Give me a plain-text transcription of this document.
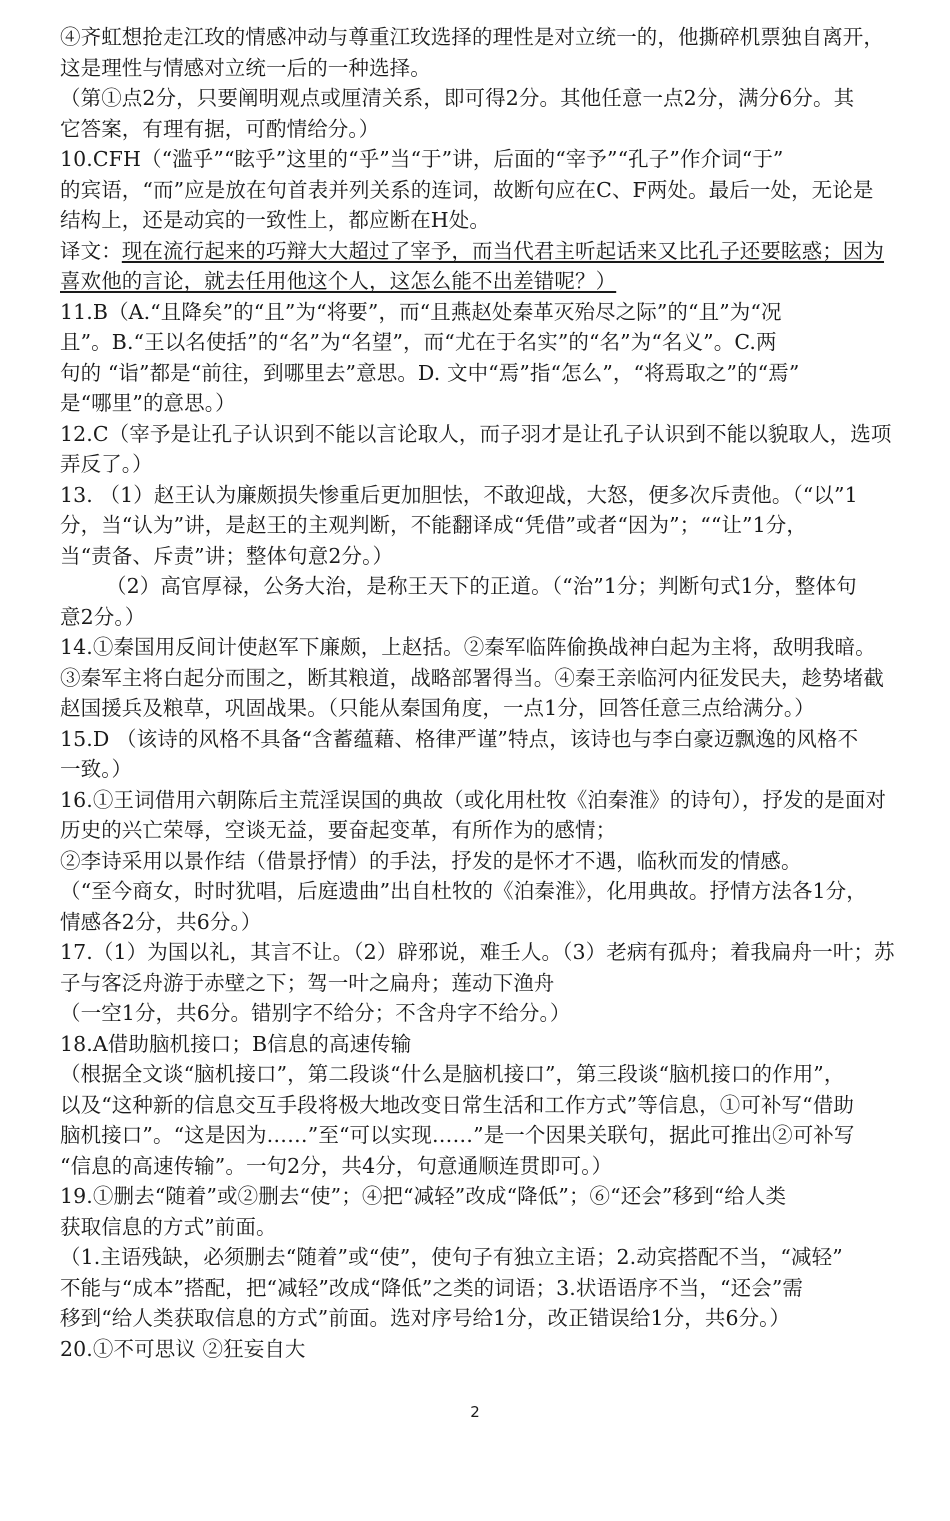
④齐虹想抢走江玫的情感冲动与尊重江玫选择的理性是对立统一的，他撕碎机票独自离开，
这是理性与情感对立统一后的一种选择。
（第①点2分，只要阐明观点或厘清关系，即可得2分。其他任意一点2分，满分6分。其
它答案，有理有据，可酌情给分。）
10.CFH（“滥乎”“眩乎”这里的“乎”当“于”讲，后面的“宰予”“孔子”作介词“于”
的宾语，“而”应是放在句首表并列关系的连词，故断句应在C、F两处。最后一处，无论是
结构上，还是动宾的一致性上，都应断在H处。
译文：现在流行起来的巧辩大大超过了宰予，而当代君主听起话来又比孔子还要眩惑；因为
喜欢他的言论，就去任用他这个人，这怎么能不出差错呢？）
11.B（A.“且降矣”的“且”为“将要”，而“且燕赵处秦革灭殆尽之际”的“且”为“况
且”。B.“王以名使括”的“名”为“名望”，而“尤在于名实”的“名”为“名义”。C.两
句的 “诣”都是“前往，到哪里去”意思。D. 文中“焉”指“怎么”，“将焉取之”的“焉”
是“哪里”的意思。）
12.C（宰予是让孔子认识到不能以言论取人，而子羽才是让孔子认识到不能以貌取人，选项
弄反了。）
13. （1）赵王认为廉颇损失惨重后更加胆怯，不敢迎战，大怒，便多次斥责他。（“以”1
分，当“认为”讲，是赵王的主观判断，不能翻译成“凭借”或者“因为”；““让”1分，
当“责备、斥责”讲；整体句意2分。）
（2）高官厚禄，公务大治，是称王天下的正道。（“治”1分；判断句式1分，整体句
意2分。）
14.①秦国用反间计使赵军下廉颇，上赵括。②秦军临阵偷换战神白起为主将，敌明我暗。
③秦军主将白起分而围之，断其粮道，战略部署得当。④秦王亲临河内征发民夫，趁势堵截
赵国援兵及粮草，巩固战果。（只能从秦国角度，一点1分，回答任意三点给满分。）
15.D （该诗的风格不具备“含蓄蕴藉、格律严谨”特点，该诗也与李白豪迈飘逸的风格不
一致。）
16.①王词借用六朝陈后主荒淫误国的典故（或化用杜牧《泊秦淮》的诗句），抒发的是面对
历史的兴亡荣辱，空谈无益，要奋起变革，有所作为的感情；
②李诗采用以景作结（借景抒情）的手法，抒发的是怀才不遇，临秋而发的情感。
（“至今商女，时时犹唱，后庭遗曲”出自杜牧的《泊秦淮》，化用典故。抒情方法各1分，
情感各2分，共6分。）
17.（1）为国以礼，其言不让。（2）辟邪说，难壬人。（3）老病有孤舟；着我扁舟一叶；苏
子与客泛舟游于赤壁之下；驾一叶之扁舟；莲动下渔舟
（一空1分，共6分。错别字不给分；不含舟字不给分。）
18.A借助脑机接口；B信息的高速传输
（根据全文谈“脑机接口”，第二段谈“什么是脑机接口”，第三段谈“脑机接口的作用”，
以及“这种新的信息交互手段将极大地改变日常生活和工作方式”等信息，①可补写“借助
脑机接口”。“这是因为……”至“可以实现……”是一个因果关联句，据此可推出②可补写
“信息的高速传输”。一句2分，共4分，句意通顺连贯即可。）
19.①删去“随着”或②删去“使”；④把“减轻”改成“降低”；⑥“还会”移到“给人类
获取信息的方式”前面。
（1.主语残缺，必须删去“随着”或“使”，使句子有独立主语；2.动宾搭配不当，“减轻”
不能与“成本”搭配，把“减轻”改成“降低”之类的词语；3.状语语序不当，“还会”需
移到“给人类获取信息的方式”前面。选对序号给1分，改正错误给1分，共6分。）
20.①不可思议 ②狂妄自大
2
